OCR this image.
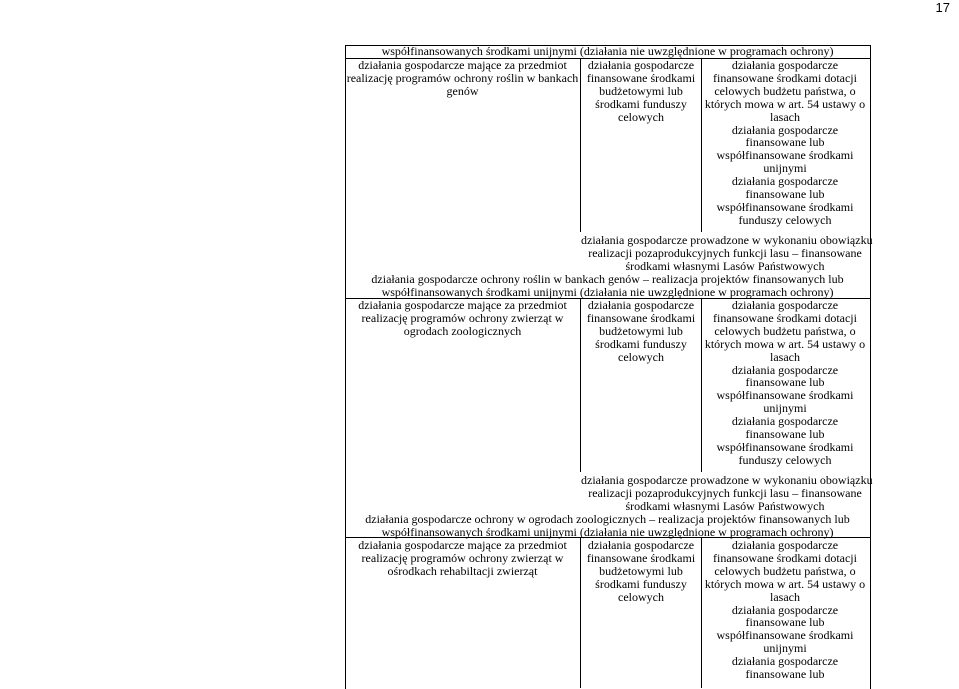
17
współfinansowanych środkami unijnymi (działania nie uwzględnione w programach ochrony)
działania gospodarcze mające za przedmiot
realizację programów ochrony roślin w bankach
genów
działania gospodarcze
finansowane środkami
budżetowymi lub
środkami funduszy
celowych
działania gospodarcze
finansowane środkami dotacji
celowych budżetu państwa, o
których mowa w art. 54 ustawy o
lasach
działania gospodarcze
finansowane lub
współfinansowane środkami
unijnymi
działania gospodarcze
finansowane lub
współfinansowane środkami
funduszy celowych
działania gospodarcze prowadzone w wykonaniu obowiązku
realizacji pozaprodukcyjnych funkcji lasu – finansowane
środkami własnymi Lasów Państwowych
działania gospodarcze ochrony roślin w bankach genów – realizacja projektów finansowanych lub
współfinansowanych środkami unijnymi (działania nie uwzględnione w programach ochrony)
działania gospodarcze mające za przedmiot
realizację programów ochrony zwierząt w
ogrodach zoologicznych
działania gospodarcze
finansowane środkami
budżetowymi lub
środkami funduszy
celowych
działania gospodarcze
finansowane środkami dotacji
celowych budżetu państwa, o
których mowa w art. 54 ustawy o
lasach
działania gospodarcze
finansowane lub
współfinansowane środkami
unijnymi
działania gospodarcze
finansowane lub
współfinansowane środkami
funduszy celowych
działania gospodarcze prowadzone w wykonaniu obowiązku
realizacji pozaprodukcyjnych funkcji lasu – finansowane
środkami własnymi Lasów Państwowych
działania gospodarcze ochrony w ogrodach zoologicznych – realizacja projektów finansowanych lub
współfinansowanych środkami unijnymi (działania nie uwzględnione w programach ochrony)
działania gospodarcze mające za przedmiot
realizację programów ochrony zwierząt w
ośrodkach rehabiltacji zwierząt
działania gospodarcze
finansowane środkami
budżetowymi lub
środkami funduszy
celowych
działania gospodarcze
finansowane środkami dotacji
celowych budżetu państwa, o
których mowa w art. 54 ustawy o
lasach
działania gospodarcze
finansowane lub
współfinansowane środkami
unijnymi
działania gospodarcze
finansowane lub
